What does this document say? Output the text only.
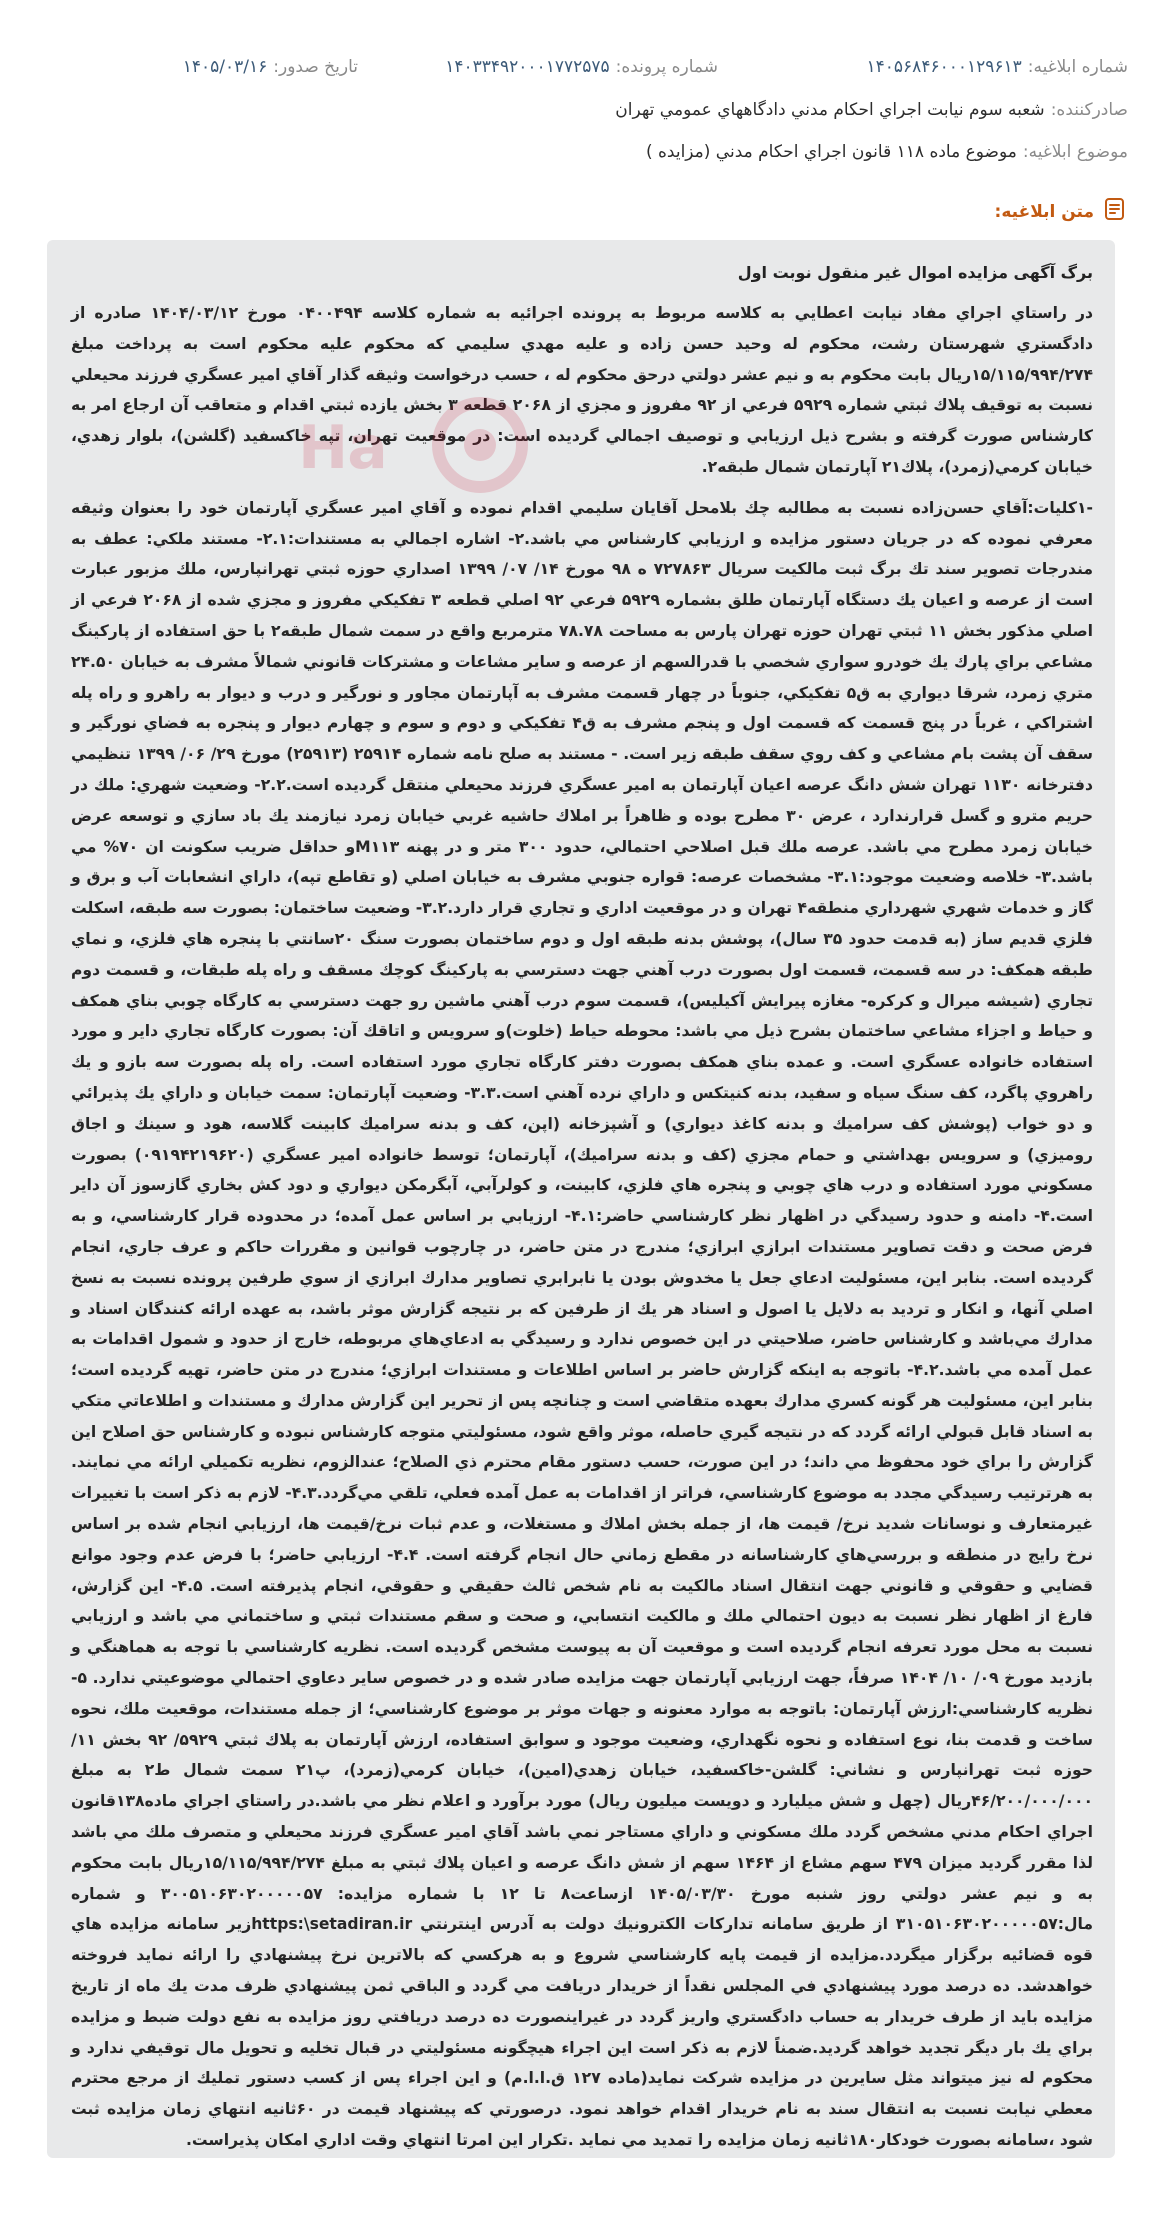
شماره ابلاغیه:
۱۴۰۵۶۸۴۶۰۰۰۱۲۹۶۱۳
شماره پرونده:
۱۴۰۳۳۴۹۲۰۰۰۱۷۷۲۵۷۵
تاریخ صدور:
۱۴۰۵/۰۳/۱۶
صادرکننده:
شعبه سوم نيابت اجراي احكام مدني دادگاههاي عمومي تهران
موضوع ابلاغیه:
موضوع ماده ۱۱۸ قانون اجراي احكام مدني (مزايده )
متن ابلاغیه:
برگ آگهی مزایده اموال غیر منقول نوبت اول

در راستاي اجراي مفاد نيابت اعطايي به كلاسه مربوط به پرونده اجرائيه به شماره كلاسه ۰۴۰۰۴۹۴ مورخ ۱۴۰۴/۰۳/۱۲ صادره از دادگستري شهرستان رشت، محكوم له وحيد حسن زاده و عليه مهدي سليمي كه محكوم عليه محكوم است به پرداخت مبلغ ۱۵/۱۱۵/۹۹۴/۲۷۴ريال بابت محكوم به و نيم عشر دولتي درحق محكوم له ، حسب درخواست وثيقه گذار آقاي امير عسگري فرزند محيعلي نسبت به توقيف پلاك ثبتي شماره ۵۹۲۹ فرعي از ۹۲ مفروز و مجزي از ۲۰۶۸ قطعه ۳ بخش يازده ثبتي اقدام و متعاقب آن ارجاع امر به كارشناس صورت گرفته و بشرح ذيل ارزيابي و توصيف اجمالي گرديده است: در موقعيت تهران، تپه خاكسفيد (گلشن)، بلوار زهدي، خيابان كرمي(زمرد)، پلاك۲۱ آپارتمان شمال طبقه۲.

-۱كليات:آقاي حسن‌زاده نسبت به مطالبه چك بلامحل آقايان سليمي اقدام نموده و آقاي امير عسگري آپارتمان خود را بعنوان وثيقه معرفي نموده كه در جريان دستور مزايده و ارزيابي كارشناس مي باشد.۲- اشاره اجمالي به مستندات:۲.۱- مستند ملكي: عطف به مندرجات تصوير سند تك برگ ثبت مالكيت سريال ۷۲۷۸۶۳ ه ۹۸ مورخ ۱۴/ ۰۷/ ۱۳۹۹ اصداري حوزه ثبتي تهرانپارس، ملك مزبور عبارت است از عرصه و اعيان يك دستگاه آپارتمان طلق بشماره ۵۹۲۹ فرعي ۹۲ اصلي قطعه ۳ تفكيكي مفروز و مجزي شده از ۲۰۶۸ فرعي از اصلي مذكور بخش ۱۱ ثبتي تهران حوزه تهران پارس به مساحت ۷۸.۷۸ مترمربع واقع در سمت شمال طبقه۲ با حق استفاده از پاركينگ مشاعي براي پارك يك خودرو سواري شخصي با قدرالسهم از عرصه و ساير مشاعات و مشتركات قانوني شمالاً مشرف به خيابان ۲۴.۵۰ متري زمرد، شرقا ديواري به ق۵ تفكيكي، جنوباً در چهار قسمت مشرف به آپارتمان مجاور و نورگير و درب و ديوار به راهرو و راه پله اشتراكي ، غرباً در پنج قسمت كه قسمت اول و پنجم مشرف به ق۴ تفكيكي و دوم و سوم و چهارم ديوار و پنجره به فضاي نورگير و سقف آن پشت بام مشاعي و كف روي سقف طبقه زير است. - مستند به صلح نامه شماره ۲۵۹۱۴ (۲۵۹۱۳) مورخ ۲۹/ ۰۶/ ۱۳۹۹ تنظيمي دفترخانه ۱۱۳۰ تهران شش دانگ عرصه اعيان آپارتمان به امير عسگري فرزند محيعلي منتقل گرديده است.۲.۲- وضعيت شهري: ملك در حريم مترو و گسل قرارندارد ، عرض ۳۰ مطرح بوده و ظاهراً بر املاك حاشيه غربي خيابان زمرد نيازمند يك باد سازي و توسعه عرض خيابان زمرد مطرح مي باشد. عرصه ملك قبل اصلاحي احتمالي، حدود ۳۰۰ متر و در پهنه M۱۱۳و حداقل ضريب سكونت ان ۷۰% مي باشد.۳- خلاصه وضعيت موجود:۳.۱- مشخصات عرصه: قواره جنوبي مشرف به خيابان اصلي (و تقاطع تپه)، داراي انشعابات آب و برق و گاز و خدمات شهري شهرداري منطقه۴ تهران و در موقعيت اداري و تجاري قرار دارد.۳.۲- وضعيت ساختمان: بصورت سه طبقه، اسكلت فلزي قديم ساز (به قدمت حدود ۳۵ سال)، پوشش بدنه طبقه اول و دوم ساختمان بصورت سنگ ۲۰سانتي با پنجره هاي فلزي، و نماي طبقه همكف: در سه قسمت، قسمت اول بصورت درب آهني جهت دسترسي به پاركينگ كوچك مسقف و راه پله طبقات، و قسمت دوم تجاري (شيشه ميرال و كركره- مغازه پيرايش آكيليس)، قسمت سوم درب آهني ماشين رو جهت دسترسي به كارگاه چوبي بناي همكف و حياط و اجزاء مشاعي ساختمان بشرح ذيل مي باشد: محوطه حياط (خلوت)و سرويس و اتاقك آن: بصورت كارگاه تجاري داير و مورد استفاده خانواده عسگري است. و عمده بناي همكف بصورت دفتر كارگاه تجاري مورد استفاده است. راه پله بصورت سه بازو و يك راهروي پاگرد، كف سنگ سياه و سفيد، بدنه كنيتكس و داراي نرده آهني است.۳.۳- وضعيت آپارتمان: سمت خيابان و داراي يك پذيرائي و دو خواب (پوشش كف سراميك و بدنه كاغذ ديواري) و آشپزخانه (اپن، كف و بدنه سراميك كابينت گلاسه، هود و سينك و اجاق روميزي) و سرويس بهداشتي و حمام مجزي (كف و بدنه سراميك)، آپارتمان؛ توسط خانواده امير عسگري (۰۹۱۹۴۲۱۹۶۲۰) بصورت مسكوني مورد استفاده و درب هاي چوبي و پنجره هاي فلزي، كابينت، و كولرآبي، آبگرمكن ديواري و دود كش بخاري گازسوز آن داير است.۴- دامنه و حدود رسيدگي در اظهار نظر كارشناسي حاضر:۴.۱- ارزيابي بر اساس عمل آمده؛ در محدوده قرار كارشناسي، و به فرض صحت و دقت تصاوير مستندات ابرازي ابرازي؛ مندرج در متن حاضر، در چارچوب قوانين و مقررات حاكم و عرف جاري، انجام گرديده است. بنابر اين، مسئوليت ادعاي جعل يا مخدوش بودن يا نابرابري تصاوير مدارك ابرازي از سوي طرفين پرونده نسبت به نسخ اصلي آنها، و انكار و ترديد به دلايل يا اصول و اسناد هر يك از طرفين كه بر نتيجه گزارش موثر باشد، به عهده ارائه كنندگان اسناد و مدارك مي‌باشد و كارشناس حاضر، صلاحيتي در اين خصوص ندارد و رسيدگي به ادعاي‌هاي مربوطه، خارج از حدود و شمول اقدامات به عمل آمده مي باشد.۴.۲- باتوجه به اينكه گزارش حاضر بر اساس اطلاعات و مستندات ابرازي؛ مندرج در متن حاضر، تهيه گرديده است؛ بنابر اين، مسئوليت هر گونه كسري مدارك بعهده متقاضي است و چنانچه پس از تحرير اين گزارش مدارك و مستندات و اطلاعاتي متكي به اسناد قابل قبولي ارائه گردد كه در نتيجه گيري حاصله، موثر واقع شود، مسئوليتي متوجه كارشناس نبوده و كارشناس حق اصلاح اين گزارش را براي خود محفوظ مي داند؛ در اين صورت، حسب دستور مقام محترم ذي الصلاح؛ عندالزوم، نظريه تكميلي ارائه مي نمايند. به هرترتيب رسيدگي مجدد به موضوع كارشناسي، فراتر از اقدامات به عمل آمده فعلي، تلقي مي‌گردد.۴.۳- لازم به ذكر است با تغييرات غيرمتعارف و نوسانات شديد نرخ/ قيمت ها، از جمله بخش املاك و مستغلات، و عدم ثبات نرخ/قيمت ها، ارزيابي انجام شده بر اساس نرخ رايج در منطقه و بررسي‌هاي كارشناسانه در مقطع زماني حال انجام گرفته است. ۴.۴- ارزيابي حاضر؛ با فرض عدم وجود موانع قضايي و حقوقي و قانوني جهت انتقال اسناد مالكيت به نام شخص ثالث حقيقي و حقوقي، انجام پذيرفته است. ۴.۵- اين گزارش، فارغ از اظهار نظر نسبت به ديون احتمالي ملك و مالكيت انتسابي، و صحت و سقم مستندات ثبتي و ساختماني مي باشد و ارزيابي نسبت به محل مورد تعرفه انجام گرديده است و موقعيت آن به پيوست مشخص گرديده است. نظريه كارشناسي با توجه به هماهنگي و بازديد مورخ ۰۹/ ۱۰/ ۱۴۰۴ صرفاً، جهت ارزيابي آپارتمان جهت مزايده صادر شده و در خصوص ساير دعاوي احتمالي موضوعيتي ندارد. ۵- نظريه كارشناسي:ارزش آپارتمان: باتوجه به موارد معنونه و جهات موثر بر موضوع كارشناسي؛ از جمله مستندات، موقعيت ملك، نحوه ساخت و قدمت بنا، نوع استفاده و نحوه نگهداري، وضعيت موجود و سوابق استفاده، ارزش آپارتمان به پلاك ثبتي ۵۹۲۹/ ۹۲ بخش ۱۱/حوزه ثبت تهرانپارس و نشاني: گلشن-خاكسفيد، خيابان زهدي(امين)، خيابان كرمي(زمرد)، پ۲۱ سمت شمال ط۲ به مبلغ ۴۶/۲۰۰/۰۰۰/۰۰۰ريال (چهل و شش ميليارد و دويست ميليون ريال) مورد برآورد و اعلام نظر مي باشد.در راستاي اجراي ماده۱۳۸قانون اجراي احكام مدني مشخص گردد ملك مسكوني و داراي مستاجر نمي باشد آقاي امير عسگري فرزند محيعلي و متصرف ملك مي باشد لذا مقرر گرديد ميزان ۴۷۹ سهم مشاع از ۱۴۶۴ سهم از شش دانگ عرصه و اعيان پلاك ثبتي به مبلغ ۱۵/۱۱۵/۹۹۴/۲۷۴ريال بابت محكوم به و نيم عشر دولتي روز شنبه مورخ ۱۴۰۵/۰۳/۳۰ ازساعت۸ تا ۱۲ با شماره مزايده: ۳۰۰۵۱۰۶۳۰۲۰۰۰۰۰۵۷ و شماره مال:۳۱۰۵۱۰۶۳۰۲۰۰۰۰۰۵۷ از طريق سامانه تداركات الكترونيك دولت به آدرس اينترنتي https:\setadiran.irزير سامانه مزايده هاي قوه قضائيه برگزار ميگردد.مزايده از قيمت پايه كارشناسي شروع و به هركسي كه بالاترين نرخ پيشنهادي را ارائه نمايد فروخته خواهدشد. ده درصد مورد پيشنهادي في المجلس نقداً از خريدار دريافت مي گردد و الباقي ثمن پيشنهادي ظرف مدت يك ماه از تاريخ مزايده بايد از طرف خريدار به حساب دادگستري واريز گردد در غيراينصورت ده درصد دريافتي روز مزايده به نفع دولت ضبط و مزايده براي يك بار ديگر تجديد خواهد گرديد.ضمناً لازم به ذكر است اين اجراء هيچگونه مسئوليتي در قبال تخليه و تحويل مال توقيفي ندارد و محكوم له نيز ميتواند مثل سايرين در مزايده شركت نمايد(ماده ۱۲۷ ق.ا.ا.م) و اين اجراء پس از كسب دستور تمليك از مرجع محترم معطي نيابت نسبت به انتقال سند به نام خريدار اقدام خواهد نمود. درصورتي كه پيشنهاد قيمت در ۶۰ثانيه انتهاي زمان مزايده ثبت شود ،سامانه بصورت خودكار۱۸۰ثانيه زمان مزايده را تمديد مي نمايد .تكرار اين امرتا انتهاي وقت اداري امكان پذيراست.
